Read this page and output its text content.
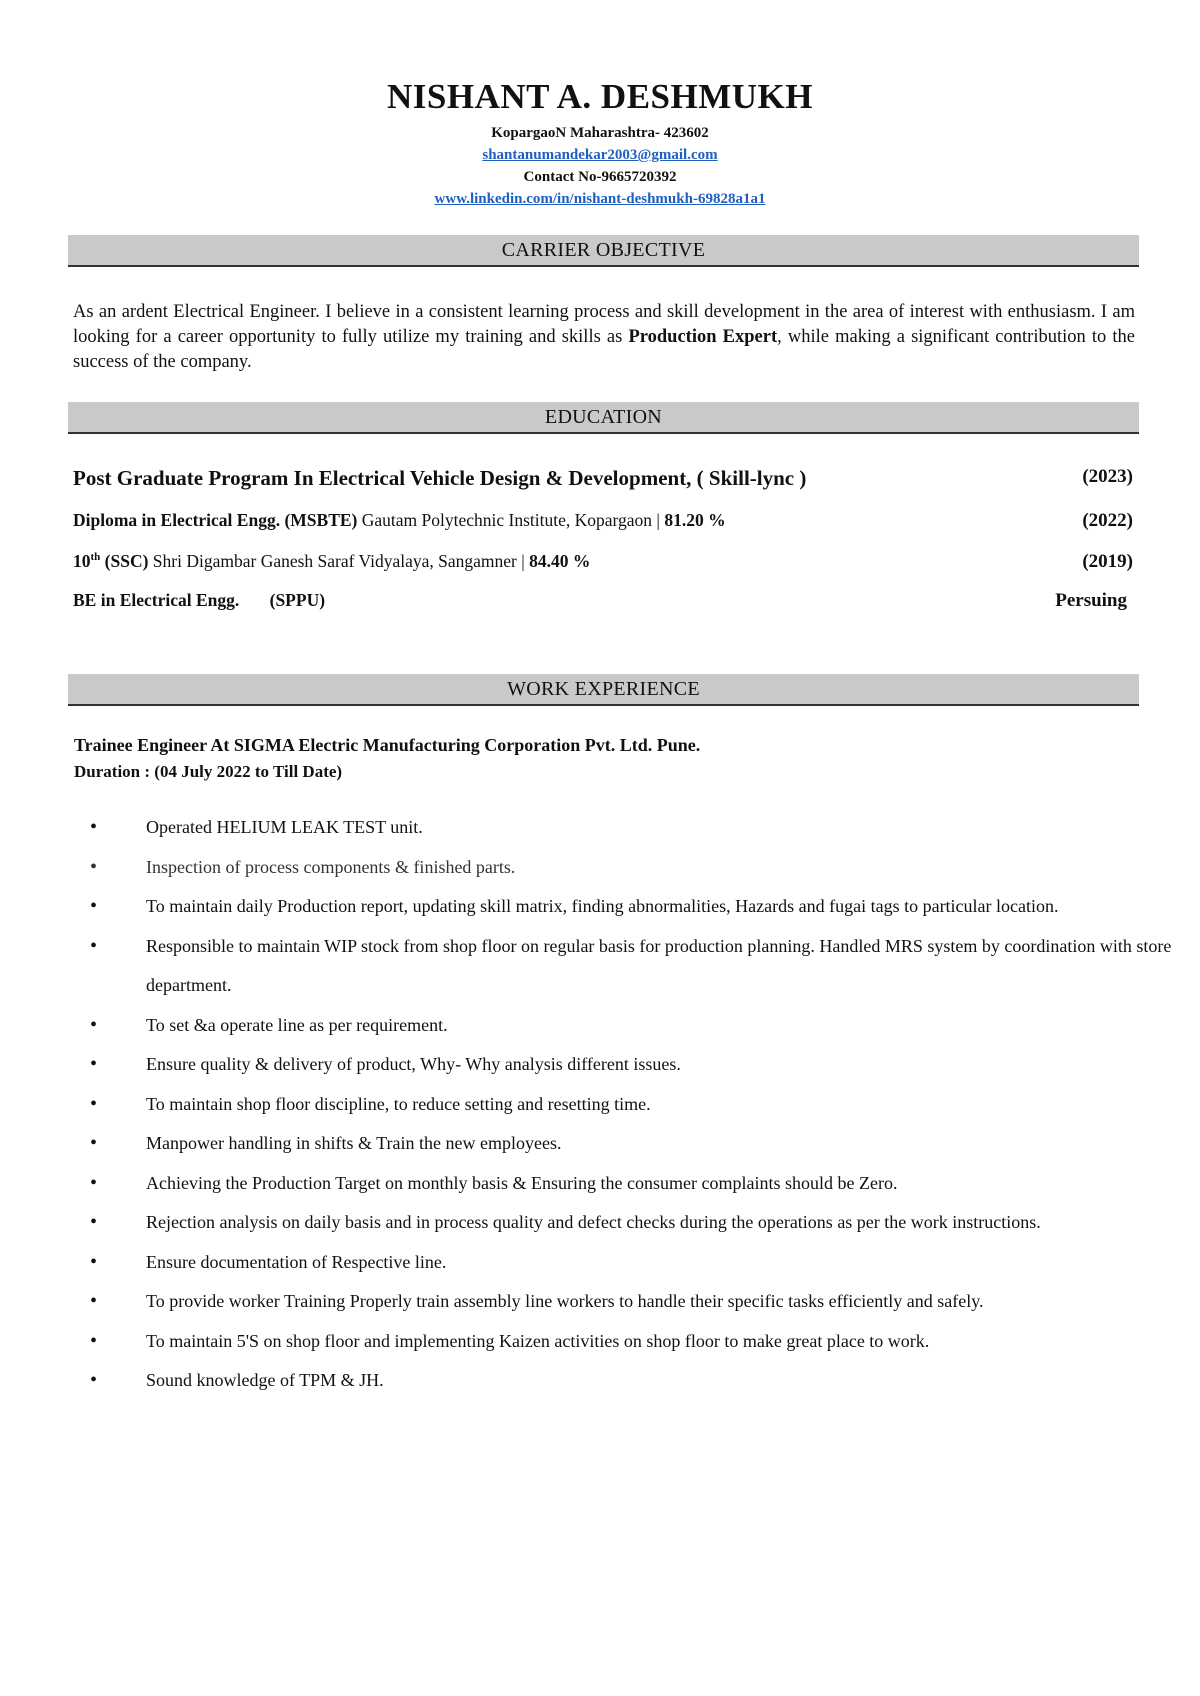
NISHANT A. DESHMUKH
KopargaoN Maharashtra- 423602
shantanumandekar2003@gmail.com
Contact No-9665720392
www.linkedin.com/in/nishant-deshmukh-69828a1a1
CARRIER OBJECTIVE
As an ardent Electrical Engineer. I believe in a consistent learning process and skill development in the area of interest with enthusiasm. I am looking for a career opportunity to fully utilize my training and skills as Production Expert, while making a significant contribution to the success of the company.
EDUCATION
Post Graduate Program In Electrical Vehicle Design & Development, ( Skill-lync )	(2023)
Diploma in Electrical Engg. (MSBTE) Gautam Polytechnic Institute, Kopargaon | 81.20 %	(2022)
10th (SSC) Shri Digambar Ganesh Saraf Vidyalaya, Sangamner | 84.40 %	(2019)
BE in Electrical Engg. (SPPU)	Persuing
WORK EXPERIENCE
Trainee Engineer At SIGMA Electric Manufacturing Corporation Pvt. Ltd. Pune.
Duration : (04 July 2022 to Till Date)
• Operated HELIUM LEAK TEST unit.
• Inspection of process components & finished parts.
• To maintain daily Production report, updating skill matrix, finding abnormalities, Hazards and fugai tags to particular location.
• Responsible to maintain WIP stock from shop floor on regular basis for production planning. Handled MRS system by coordination with store department.
• To set &a operate line as per requirement.
• Ensure quality & delivery of product, Why- Why analysis different issues.
• To maintain shop floor discipline, to reduce setting and resetting time.
• Manpower handling in shifts & Train the new employees.
• Achieving the Production Target on monthly basis & Ensuring the consumer complaints should be Zero.
• Rejection analysis on daily basis and in process quality and defect checks during the operations as per the work instructions.
• Ensure documentation of Respective line.
• To provide worker Training Properly train assembly line workers to handle their specific tasks efficiently and safely.
• To maintain 5'S on shop floor and implementing Kaizen activities on shop floor to make great place to work.
• Sound knowledge of TPM & JH.
